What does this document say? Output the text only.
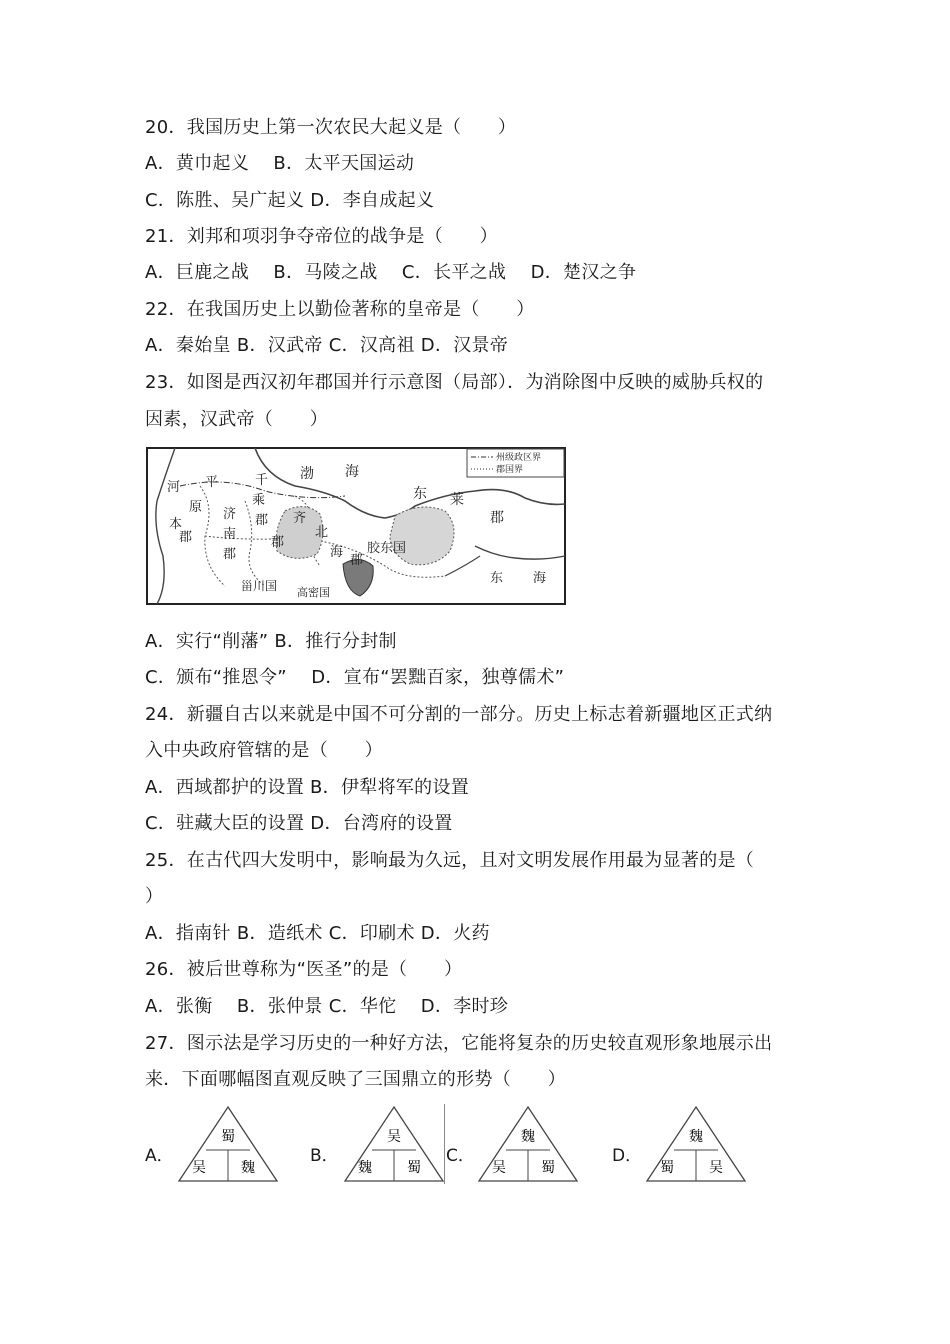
20．我国历史上第一次农民大起义是（　　）
A．黄巾起义　 B．太平天国运动
C．陈胜、吴广起义 D．李自成起义
21．刘邦和项羽争夺帝位的战争是（　　）
A．巨鹿之战　 B．马陵之战　 C．长平之战　 D．楚汉之争
22．在我国历史上以勤俭著称的皇帝是（　　）
A．秦始皇 B．汉武帝 C．汉高祖 D．汉景帝
23．如图是西汉初年郡国并行示意图（局部）．为消除图中反映的威胁兵权的
因素，汉武帝（　　）
州级政区界
郡国界
渤 海
东 莱
郡
东 海
河
本
郡
平
原
千
乘
郡
济
南
郡
齐
郡
北
海
郡
胶东国
甾川国 高密国
A．实行“削藩” B．推行分封制
C．颁布“推恩令”　 D．宣布“罢黜百家，独尊儒术”
24．新疆自古以来就是中国不可分割的一部分。历史上标志着新疆地区正式纳
入中央政府管辖的是（　　）
A．西域都护的设置 B．伊犁将军的设置
C．驻藏大臣的设置 D．台湾府的设置
25．在古代四大发明中，影响最为久远，且对文明发展作用最为显著的是（
）
A．指南针 B．造纸术 C．印刷术 D．火药
26．被后世尊称为“医圣”的是（　　）
A．张衡　 B．张仲景 C．华佗　 D．李时珍
27．图示法是学习历史的一种好方法，它能将复杂的历史较直观形象地展示出
来．下面哪幅图直观反映了三国鼎立的形势（　　）
A．
蜀
吴	魏
B．
吴
魏	蜀
C．
魏
吴	蜀
D．
魏
蜀	吴
